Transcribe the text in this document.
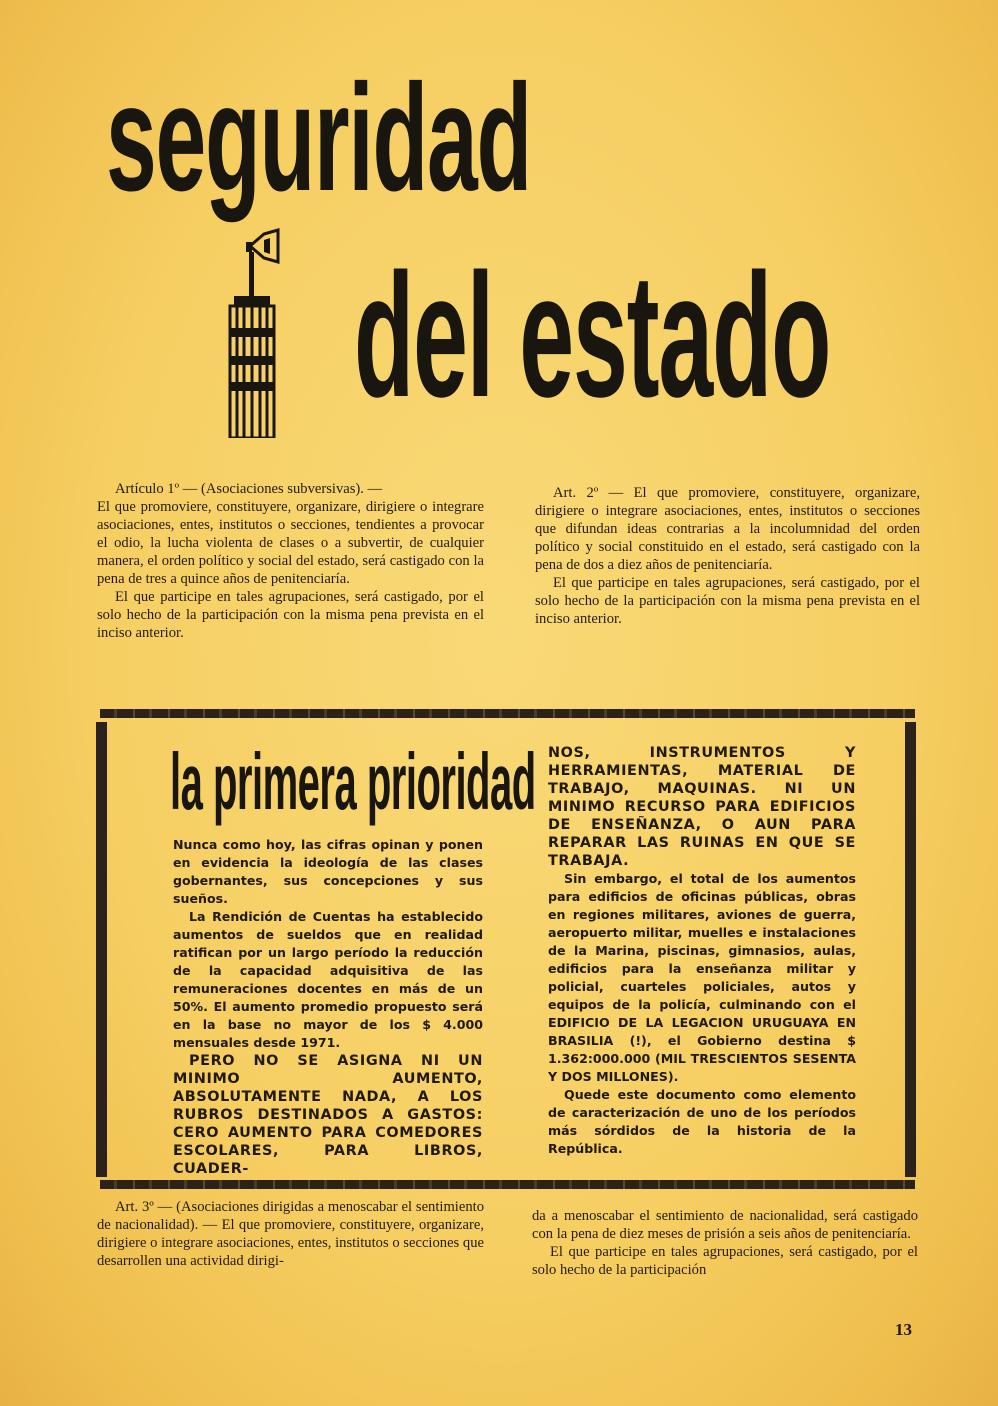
seguridad
del estado

Artículo 1º — (Asociaciones subversivas). —

El que promoviere, constituyere, organizare, dirigiere o integrare asociaciones, entes, institutos o secciones, tendientes a provocar el odio, la lucha violenta de clases o a subvertir, de cualquier manera, el orden político y social del estado, será castigado con la pena de tres a quince años de penitenciaría.

El que participe en tales agrupaciones, será castigado, por el solo hecho de la participación con la misma pena prevista en el inciso anterior.

Art. 2º — El que promoviere, constituyere, organizare, dirigiere o integrare asociaciones, entes, institutos o secciones que difundan ideas contrarias a la incolumnidad del orden político y social constituido en el estado, será castigado con la pena de dos a diez años de penitenciaría.

El que participe en tales agrupaciones, será castigado, por el solo hecho de la participación con la misma pena prevista en el inciso anterior.

la primera prioridad

Nunca como hoy, las cifras opinan y ponen en evidencia la ideología de las clases gobernantes, sus concepciones y sus sueños.

La Rendición de Cuentas ha establecido aumentos de sueldos que en realidad ratifican por un largo período la reducción de la capacidad adquisitiva de las remuneraciones docentes en más de un 50%. El aumento promedio propuesto será en la base no mayor de los $ 4.000 mensuales desde 1971.

PERO NO SE ASIGNA NI UN MINIMO AUMENTO, ABSOLUTAMENTE NADA, A LOS RUBROS DESTINADOS A GASTOS: CERO AUMENTO PARA COMEDORES ESCOLARES, PARA LIBROS, CUADER-

NOS, INSTRUMENTOS Y HERRAMIENTAS, MATERIAL DE TRABAJO, MAQUINAS. NI UN MINIMO RECURSO PARA EDIFICIOS DE ENSEÑANZA, O AUN PARA REPARAR LAS RUINAS EN QUE SE TRABAJA.

Sin embargo, el total de los aumentos para edificios de oficinas públicas, obras en regiones militares, aviones de guerra, aeropuerto militar, muelles e instalaciones de la Marina, piscinas, gimnasios, aulas, edificios para la enseñanza militar y policial, cuarteles policiales, autos y equipos de la policía, culminando con el EDIFICIO DE LA LEGACION URUGUAYA EN BRASILIA (!), el Gobierno destina $ 1.362:000.000 (MIL TRESCIENTOS SESENTA Y DOS MILLONES).

Quede este documento como elemento de caracterización de uno de los períodos más sórdidos de la historia de la República.

Art. 3º — (Asociaciones dirigidas a menoscabar el sentimiento de nacionalidad). — El que promoviere, constituyere, organizare, dirigiere o integrare asociaciones, entes, institutos o secciones que desarrollen una actividad dirigi-

da a menoscabar el sentimiento de nacionalidad, será castigado con la pena de diez meses de prisión a seis años de penitenciaría.

El que participe en tales agrupaciones, será castigado, por el solo hecho de la participación

13
